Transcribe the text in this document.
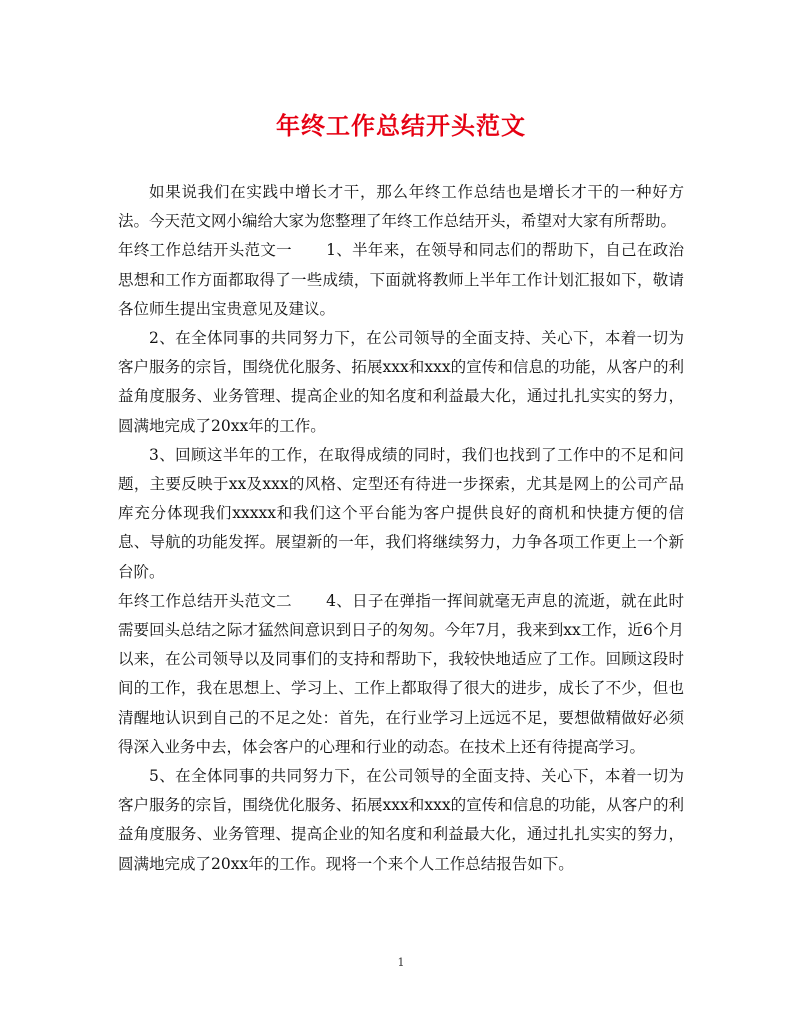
年终工作总结开头范文

如果说我们在实践中增长才干，那么年终工作总结也是增长才干的一种好方法。今天范文网小编给大家为您整理了年终工作总结开头，希望对大家有所帮助。

年终工作总结开头范文一 1、半年来，在领导和同志们的帮助下，自己在政治思想和工作方面都取得了一些成绩，下面就将教师上半年工作计划汇报如下，敬请各位师生提出宝贵意见及建议。

2、在全体同事的共同努力下，在公司领导的全面支持、关心下，本着一切为客户服务的宗旨，围绕优化服务、拓展xxx和xxx的宣传和信息的功能，从客户的利益角度服务、业务管理、提高企业的知名度和利益最大化，通过扎扎实实的努力，圆满地完成了20xx年的工作。

3、回顾这半年的工作，在取得成绩的同时，我们也找到了工作中的不足和问题，主要反映于xx及xxx的风格、定型还有待进一步探索，尤其是网上的公司产品库充分体现我们xxxxx和我们这个平台能为客户提供良好的商机和快捷方便的信息、导航的功能发挥。展望新的一年，我们将继续努力，力争各项工作更上一个新台阶。

年终工作总结开头范文二 4、日子在弹指一挥间就毫无声息的流逝，就在此时需要回头总结之际才猛然间意识到日子的匆匆。今年7月，我来到xx工作，近6个月以来，在公司领导以及同事们的支持和帮助下，我较快地适应了工作。回顾这段时间的工作，我在思想上、学习上、工作上都取得了很大的进步，成长了不少，但也清醒地认识到自己的不足之处：首先，在行业学习上远远不足，要想做精做好必须得深入业务中去，体会客户的心理和行业的动态。在技术上还有待提高学习。

5、在全体同事的共同努力下，在公司领导的全面支持、关心下，本着一切为客户服务的宗旨，围绕优化服务、拓展xxx和xxx的宣传和信息的功能，从客户的利益角度服务、业务管理、提高企业的知名度和利益最大化，通过扎扎实实的努力，圆满地完成了20xx年的工作。现将一个来个人工作总结报告如下。

1
